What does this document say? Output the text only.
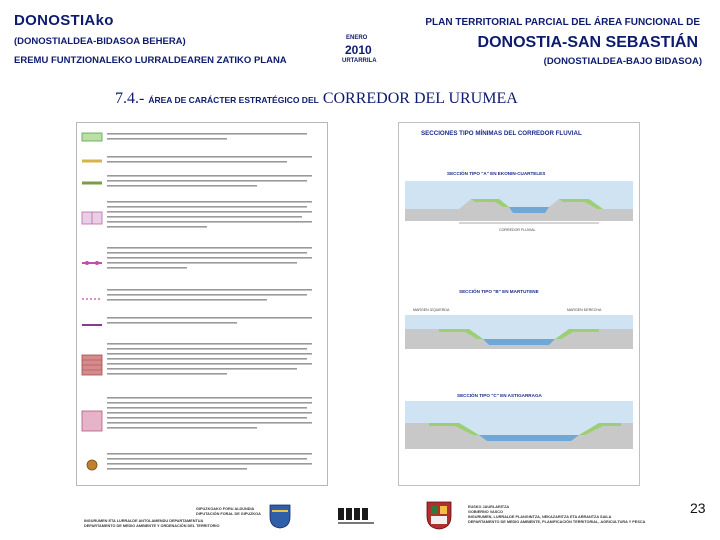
DONOSTIAko
(DONOSTIALDEA-BIDASOA BEHERA)
EREMU FUNTZIONALEKO LURRALDEAREN ZATIKO PLANA
ENERO
2010
URTARRILA
PLAN TERRITORIAL PARCIAL DEL ÁREA FUNCIONAL DE
DONOSTIA-SAN SEBASTIÁN
(DONOSTIALDEA-BAJO BIDASOA)
7.4.- ÁREA DE CARÁCTER ESTRATÉGICO DEL CORREDOR DEL URUMEA
SECCIONES TIPO MÍNIMAS DEL CORREDOR FLUVIAL
SECCIÓN TIPO "A" EN EKONIN-CUARTELES
CORREDOR FLUVIAL
SECCIÓN TIPO "B" EN MARTUTENE
MARGEN IZQUIERDA	MARGEN DERECHA
SECCIÓN TIPO "C" EN ASTIGARRAGA
GIPUZKOAKO FORU ALDUNDIA
DIPUTACIÓN FORAL DE GIPUZKOA
INGURUMEN ETA LURRALDE ANTOLAMENDU DEPARTAMENTUA
DEPARTAMENTO DE MEDIO AMBIENTE Y ORDENACIÓN DEL TERRITORIO
EUSKO JAURLARITZA
GOBIERNO VASCO
INGURUMEN, LURRALDE PLANGINTZA, NEKAZARITZA ETA ARRANTZA SAILA
DEPARTAMENTO DE MEDIO AMBIENTE, PLANIFICACIÓN TERRITORIAL, AGRICULTURA Y PESCA
23
